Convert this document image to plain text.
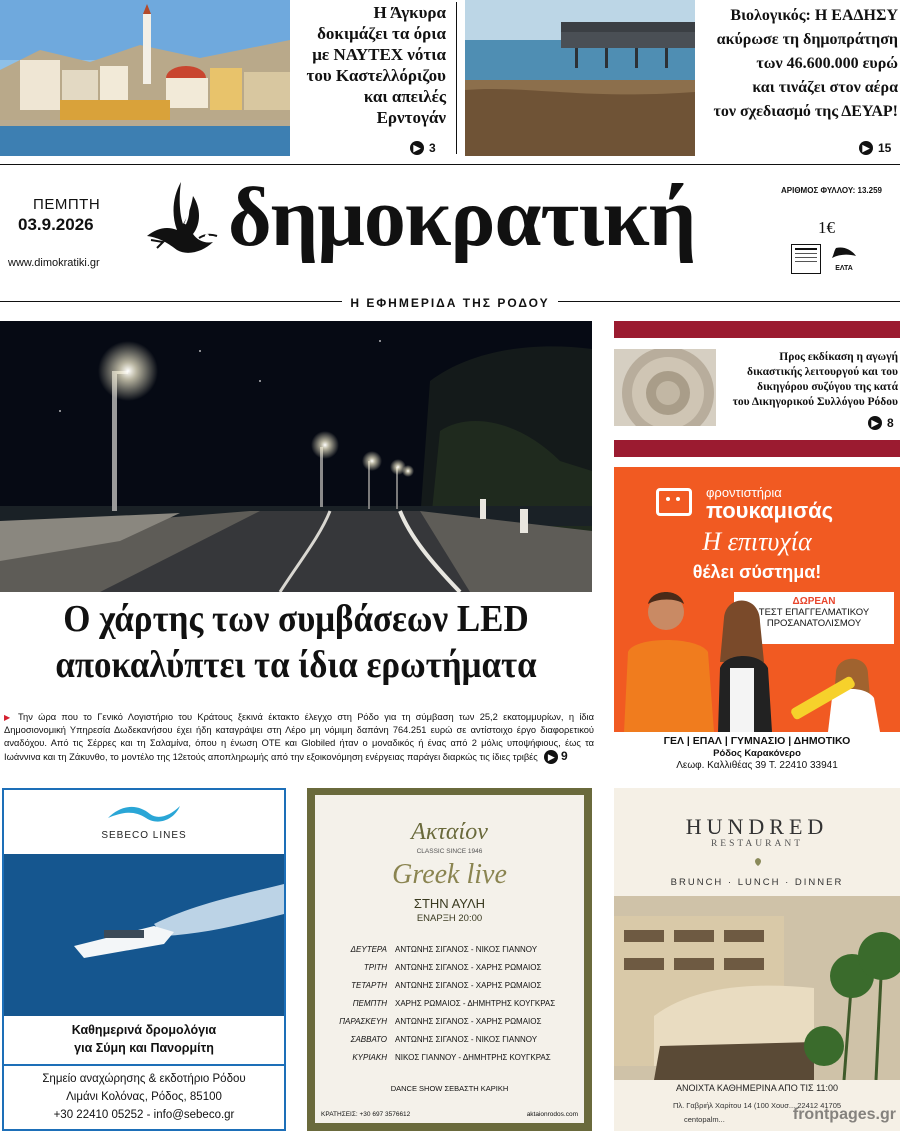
Η Άγκυρα
δοκιμάζει τα όρια
με ΝΑΥΤΕΧ νότια
του Καστελλόριζου
και απειλές
Ερντογάν
▶ 3
Βιολογικός: Η ΕΑΔΗΣΥ
ακύρωσε τη δημοπράτηση
των 46.600.000 ευρώ
και τινάζει στον αέρα
τον σχεδιασμό της ΔΕΥΑΡ!
▶ 15
ΠΕΜΠΤΗ
03.9.2026
www.dimokratiki.gr δημοκρατική	ΑΡΙΘΜΟΣ ΦΥΛΛΟΥ: 13.259
1€
ΕΛΤΑ
Η ΕΦΗΜΕΡΙΔΑ ΤΗΣ ΡΟΔΟΥ
Ο χάρτης των συμβάσεων LED
αποκαλύπτει τα ίδια ερωτήματα
▶ Την ώρα που το Γενικό Λογιστήριο του Κράτους ξεκινά έκτακτο έλεγχο στη Ρόδο για τη σύμβαση των 25,2 εκατομμυρίων, η ίδια Δημοσιονομική Υπηρεσία Δωδεκανήσου έχει ήδη καταγράψει στη Λέρο μη νόμιμη δαπάνη 764.251 ευρώ σε αντίστοιχο έργο διαφορετικού αναδόχου. Από τις Σέρρες και τη Σαλαμίνα, όπου η ένωση ΟΤΕ και Globiled ήταν ο μοναδικός ή ένας από 2 μόλις υποψήφιους, έως τα Ιωάννινα και τη Ζάκυνθο, το μοντέλο της 12ετούς αποπληρωμής από την εξοικονόμηση ενέργειας παράγει διαρκώς τις ίδιες τριβές ▶ 9
Προς εκδίκαση η αγωγή
δικαστικής λειτουργού και του
δικηγόρου συζύγου της κατά
του Δικηγορικού Συλλόγου Ρόδου
▶ 8
φροντιστήρια
πουκαμισάς
Η επιτυχία
θέλει σύστημα!
ΔΩΡΕΑΝ
ΤΕΣΤ ΕΠΑΓΓΕΛΜΑΤΙΚΟΥ
ΠΡΟΣΑΝΑΤΟΛΙΣΜΟΥ
ΓΕΛ | ΕΠΑΛ | ΓΥΜΝΑΣΙΟ | ΔΗΜΟΤΙΚΟ
Ρόδος Καρακόνερο
Λεωφ. Καλλιθέας 39 Τ. 22410 33941
SEBECO LINES
Καθημερινά δρομολόγια
για Σύμη και Πανορμίτη
Σημείο αναχώρησης & εκδοτήριο Ρόδου
Λιμάνι Κολόνας, Ρόδος, 85100
+30 22410 05252 - info@sebeco.gr
Ακταίον
CLASSIC SINCE 1946
Greek live
ΣΤΗΝ ΑΥΛΗ
ΕΝΑΡΞΗ 20:00
ΔΕΥΤΕΡΑ ΑΝΤΩΝΗΣ ΣΙΓΑΝΟΣ - ΝΙΚΟΣ ΓΙΑΝΝΟΥ
ΤΡΙΤΗ ΑΝΤΩΝΗΣ ΣΙΓΑΝΟΣ - ΧΑΡΗΣ ΡΩΜΑΙΟΣ
ΤΕΤΑΡΤΗ ΑΝΤΩΝΗΣ ΣΙΓΑΝΟΣ - ΧΑΡΗΣ ΡΩΜΑΙΟΣ
ΠΕΜΠΤΗ ΧΑΡΗΣ ΡΩΜΑΙΟΣ - ΔΗΜΗΤΡΗΣ ΚΟΥΓΚΡΑΣ
ΠΑΡΑΣΚΕΥΗ ΑΝΤΩΝΗΣ ΣΙΓΑΝΟΣ - ΧΑΡΗΣ ΡΩΜΑΙΟΣ
ΣΑΒΒΑΤΟ ΑΝΤΩΝΗΣ ΣΙΓΑΝΟΣ - ΝΙΚΟΣ ΓΙΑΝΝΟΥ
ΚΥΡΙΑΚΗ ΝΙΚΟΣ ΓΙΑΝΝΟΥ - ΔΗΜΗΤΡΗΣ ΚΟΥΓΚΡΑΣ
DANCE SHOW ΣΕΒΑΣΤΗ ΚΑΡΙΚΗ
ΚΡΑΤΗΣΕΙΣ: +30 697 3576612	aktaionrodos.com
HUNDRED
RESTAURANT
BRUNCH · LUNCH · DINNER
ΑΝΟΙΧΤΑ ΚΑΘΗΜΕΡΙΝΑ ΑΠΟ ΤΙΣ 11:00
Πλ. Γαβριήλ Χαρίτου 14 (100 Χουσ... 22412 41705
centopalm...	frontpages.gr
